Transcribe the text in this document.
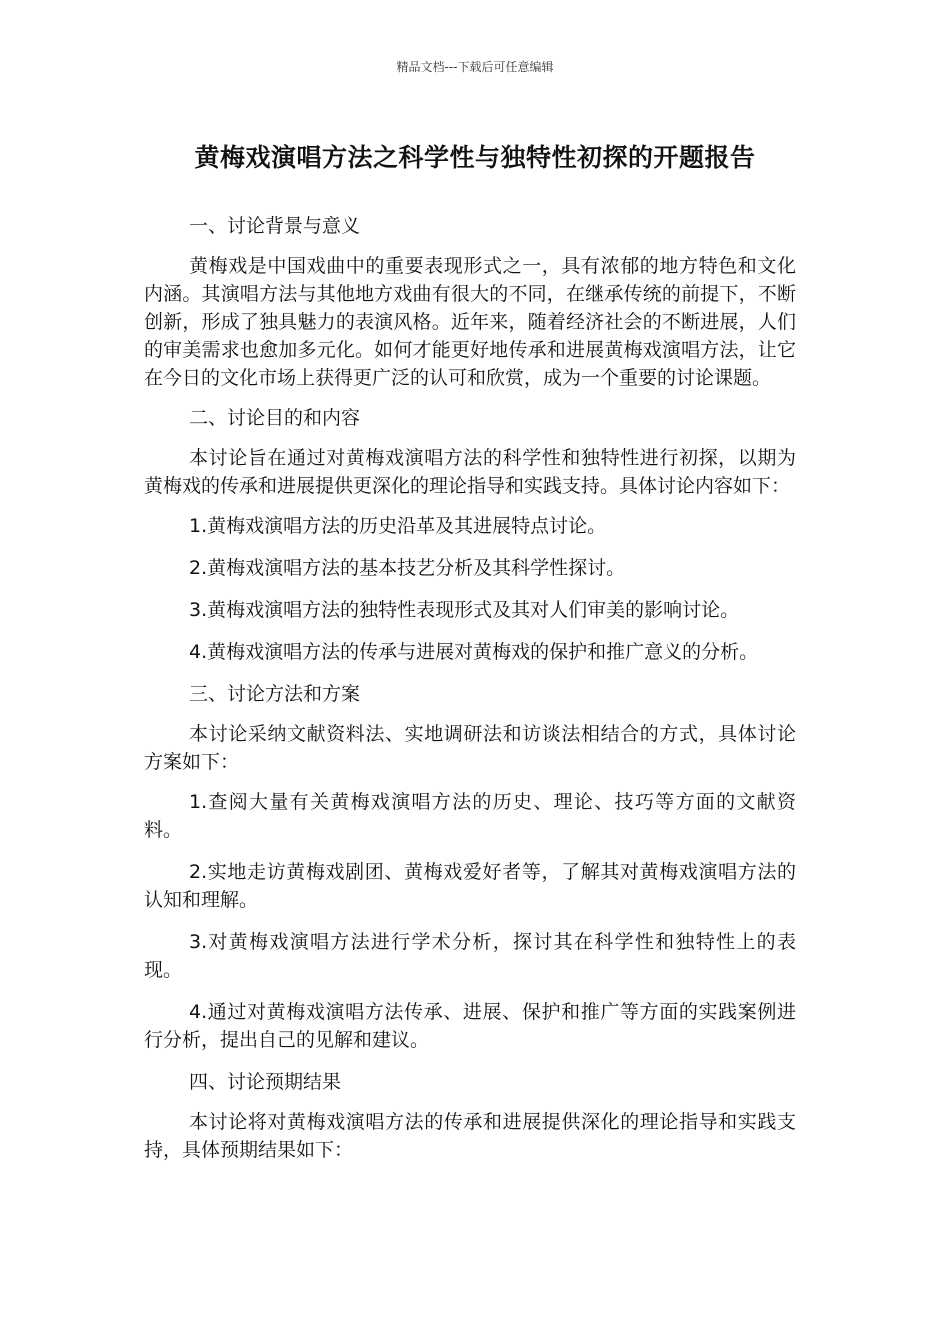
精品文档---下载后可任意编辑
黄梅戏演唱方法之科学性与独特性初探的开题报告

一、讨论背景与意义

黄梅戏是中国戏曲中的重要表现形式之一，具有浓郁的地方特色和文化内涵。其演唱方法与其他地方戏曲有很大的不同，在继承传统的前提下，不断创新，形成了独具魅力的表演风格。近年来，随着经济社会的不断进展，人们的审美需求也愈加多元化。如何才能更好地传承和进展黄梅戏演唱方法，让它在今日的文化市场上获得更广泛的认可和欣赏，成为一个重要的讨论课题。

二、讨论目的和内容

本讨论旨在通过对黄梅戏演唱方法的科学性和独特性进行初探，以期为黄梅戏的传承和进展提供更深化的理论指导和实践支持。具体讨论内容如下：

1.黄梅戏演唱方法的历史沿革及其进展特点讨论。

2.黄梅戏演唱方法的基本技艺分析及其科学性探讨。

3.黄梅戏演唱方法的独特性表现形式及其对人们审美的影响讨论。

4.黄梅戏演唱方法的传承与进展对黄梅戏的保护和推广意义的分析。

三、讨论方法和方案

本讨论采纳文献资料法、实地调研法和访谈法相结合的方式，具体讨论方案如下：

1.查阅大量有关黄梅戏演唱方法的历史、理论、技巧等方面的文献资料。

2.实地走访黄梅戏剧团、黄梅戏爱好者等，了解其对黄梅戏演唱方法的认知和理解。

3.对黄梅戏演唱方法进行学术分析，探讨其在科学性和独特性上的表现。

4.通过对黄梅戏演唱方法传承、进展、保护和推广等方面的实践案例进行分析，提出自己的见解和建议。

四、讨论预期结果

本讨论将对黄梅戏演唱方法的传承和进展提供深化的理论指导和实践支持，具体预期结果如下：
